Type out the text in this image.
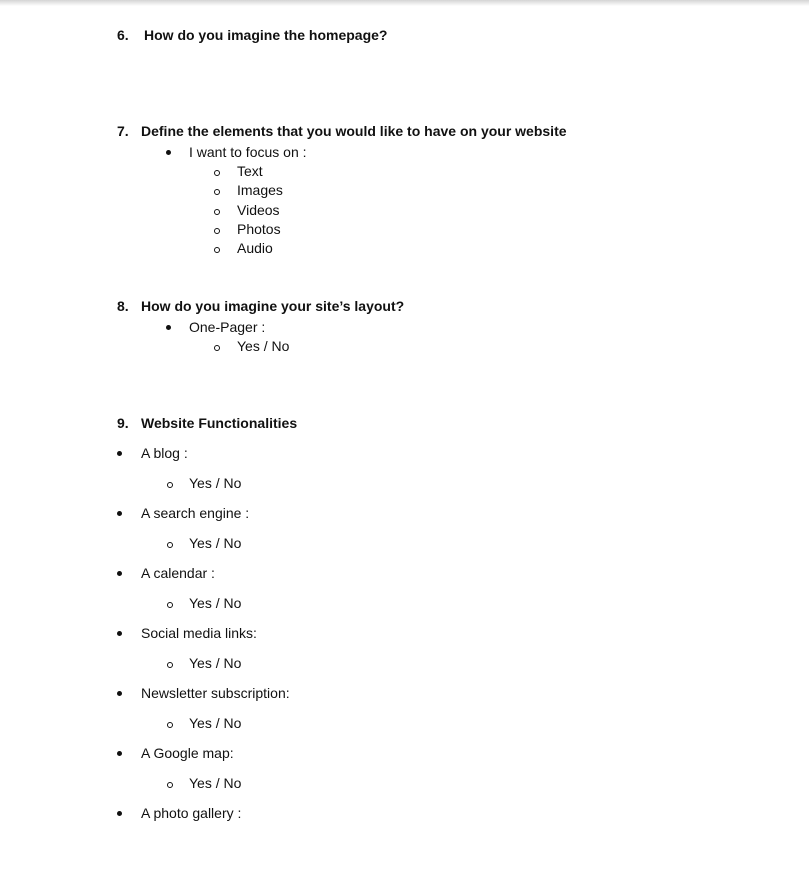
6. How do you imagine the homepage?
7. Define the elements that you would like to have on your website
I want to focus on :
Text
Images
Videos
Photos
Audio
8. How do you imagine your site’s layout?
One-Pager :
Yes / No
9. Website Functionalities
A blog :
Yes / No
A search engine :
Yes / No
A calendar :
Yes / No
Social media links:
Yes / No
Newsletter subscription:
Yes / No
A Google map:
Yes / No
A photo gallery :
